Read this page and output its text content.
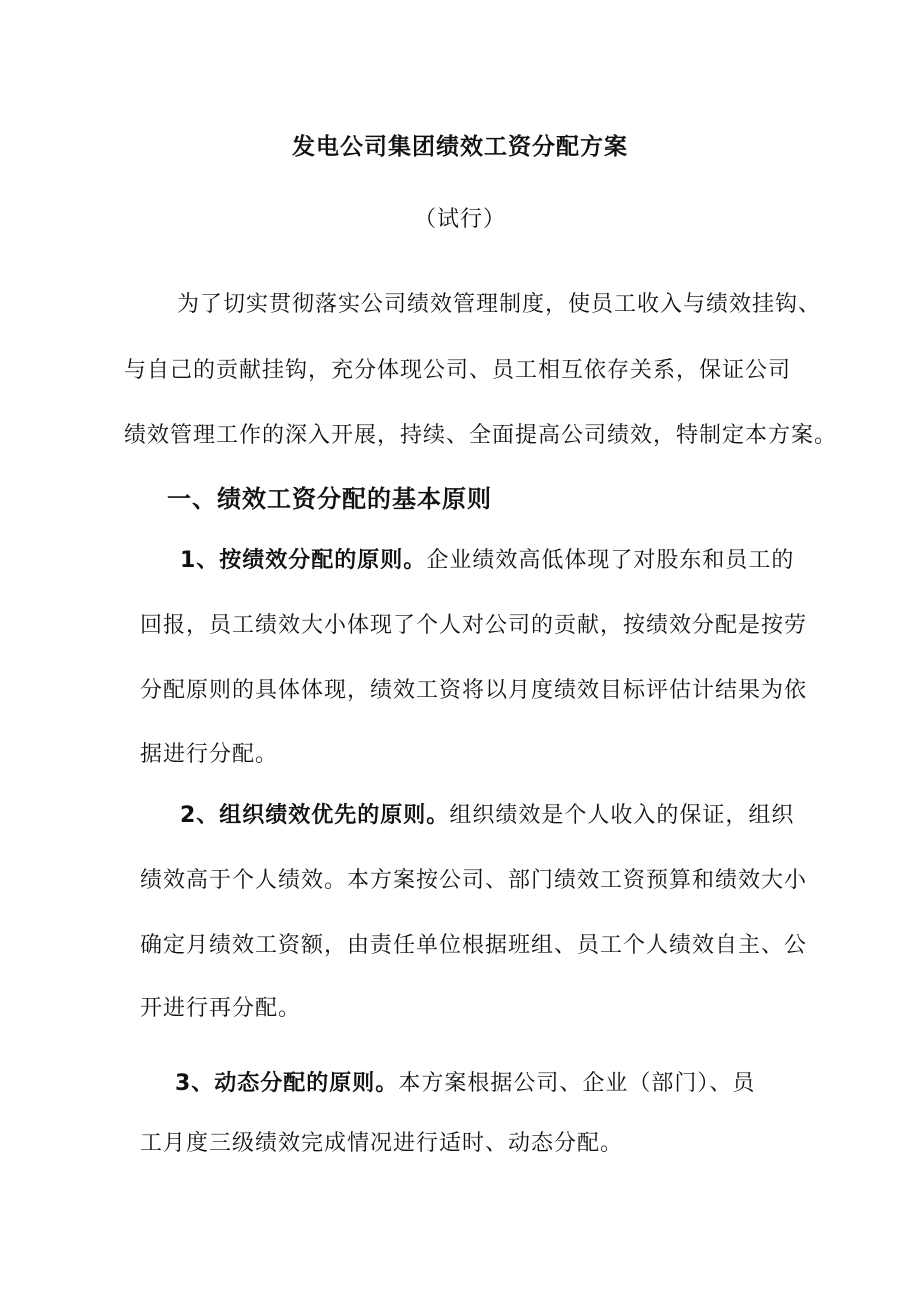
发电公司集团绩效工资分配方案
（试行）
为了切实贯彻落实公司绩效管理制度，使员工收入与绩效挂钩、
与自己的贡献挂钩，充分体现公司、员工相互依存关系，保证公司
绩效管理工作的深入开展，持续、全面提高公司绩效，特制定本方案。
一、绩效工资分配的基本原则
1、按绩效分配的原则。企业绩效高低体现了对股东和员工的
回报，员工绩效大小体现了个人对公司的贡献，按绩效分配是按劳
分配原则的具体体现，绩效工资将以月度绩效目标评估计结果为依
据进行分配。
2、组织绩效优先的原则。组织绩效是个人收入的保证，组织
绩效高于个人绩效。本方案按公司、部门绩效工资预算和绩效大小
确定月绩效工资额，由责任单位根据班组、员工个人绩效自主、公
开进行再分配。
3、动态分配的原则。本方案根据公司、企业（部门）、员
工月度三级绩效完成情况进行适时、动态分配。
